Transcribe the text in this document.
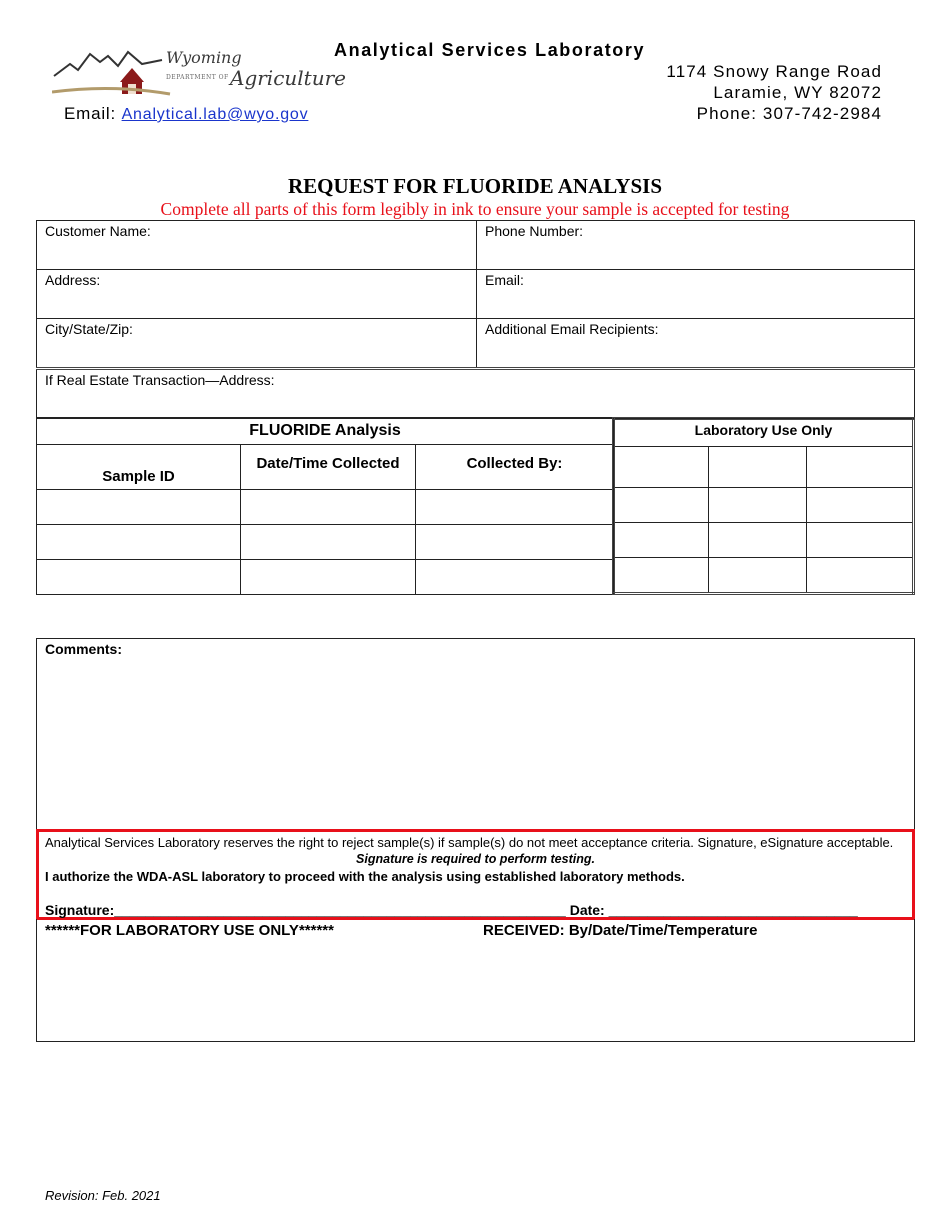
Wyoming
DEPARTMENT OF Agriculture
Analytical Services Laboratory
1174 Snowy Range Road
Laramie, WY 82072
Phone: 307-742-2984
Email: Analytical.lab@wyo.gov
REQUEST FOR FLUORIDE ANALYSIS
Complete all parts of this form legibly in ink to ensure your sample is accepted for testing
Customer Name:	Phone Number:
Address:	Email:
City/State/Zip:	Additional Email Recipients:
If Real Estate Transaction—Address:	
FLUORIDE Analysis		
Sample ID	Date/Time Collected	Collected By:

Laboratory Use Only		

Comments:
Analytical Services Laboratory reserves the right to reject sample(s) if sample(s) do not meet acceptance criteria. Signature, eSignature acceptable.
Signature is required to perform testing.
I authorize the WDA-ASL laboratory to proceed with the analysis using established laboratory methods.
Signature:__________________________________________________________ Date: ________________________________
******FOR LABORATORY USE ONLY******	RECEIVED: By/Date/Time/Temperature
Revision: Feb. 2021
